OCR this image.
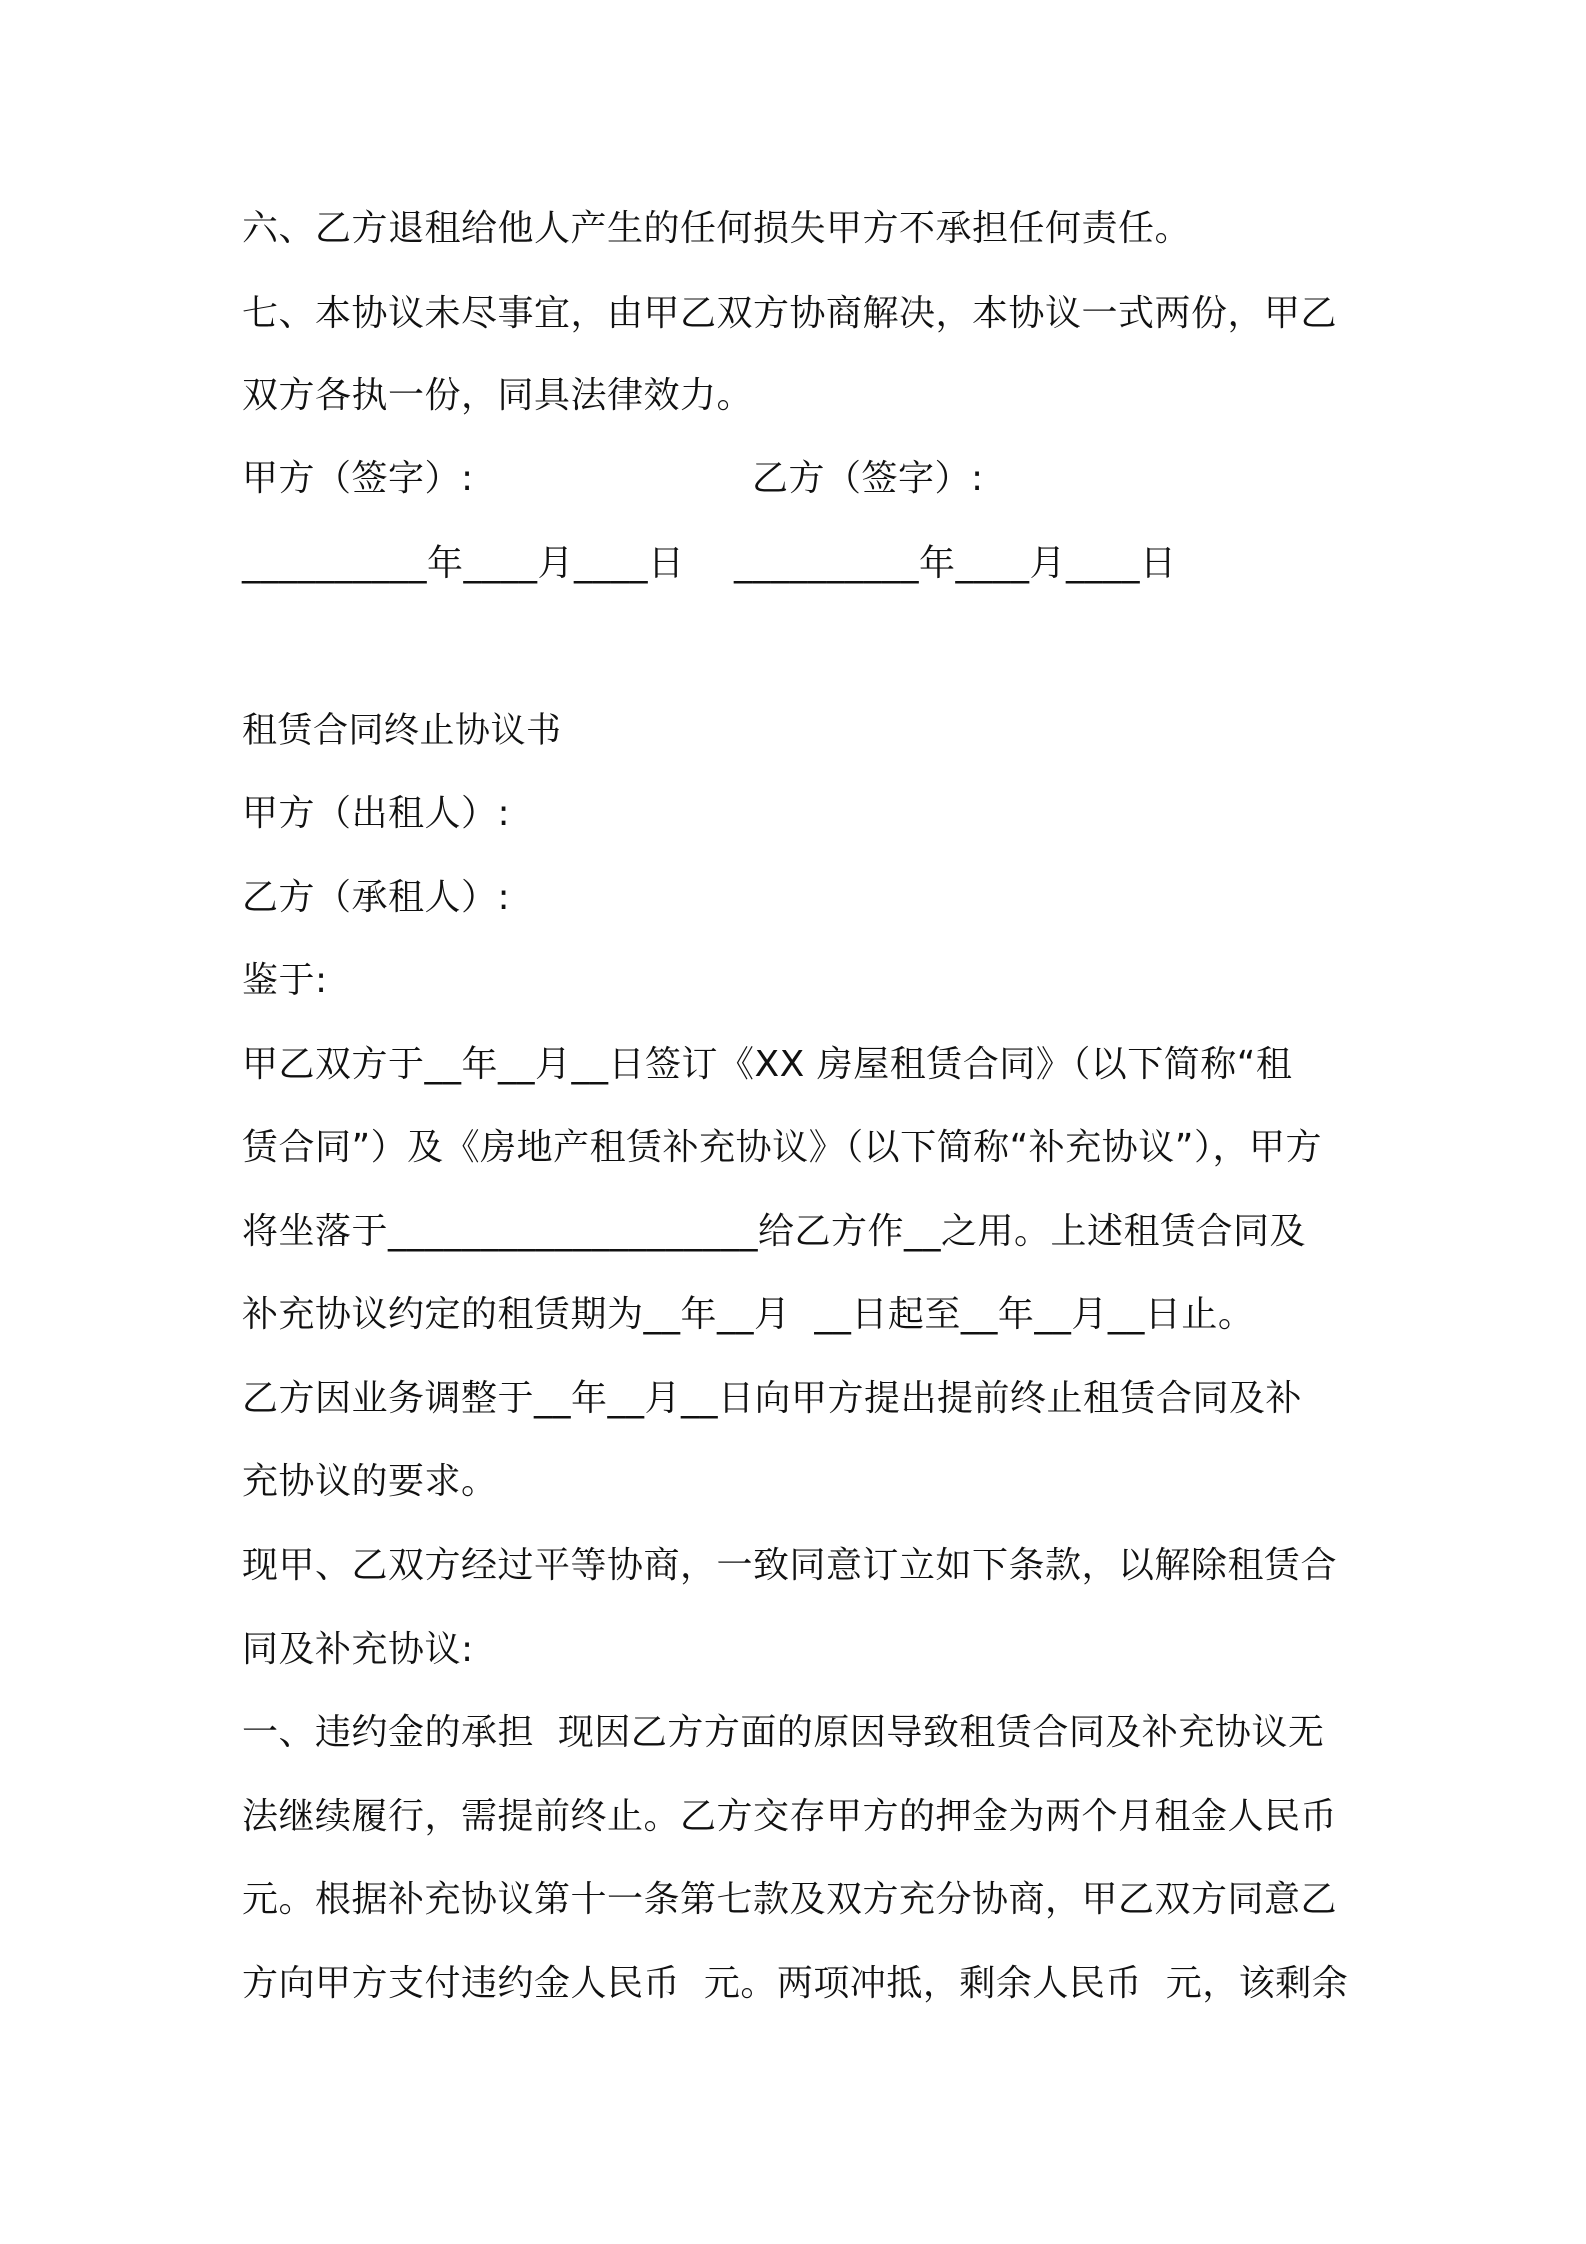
六、乙方退租给他人产生的任何损失甲方不承担任何责任。
七、本协议未尽事宜，由甲乙双方协商解决，本协议一式两份，甲乙
双方各执一份，同具法律效力。
甲方（签字）:	乙方（签字）:
__________年____月____日 __________年____月____日
租赁合同终止协议书
甲方（出租人）:
乙方（承租人）:
鉴于:
甲乙双方于__年__月__日签订《XX 房屋租赁合同》（以下简称“租
赁合同”）及《房地产租赁补充协议》（以下简称“补充协议”），甲方
将坐落于____________________给乙方作__之用。上述租赁合同及
补充协议约定的租赁期为__年__月  __日起至__年__月__日止。
乙方因业务调整于__年__月__日向甲方提出提前终止租赁合同及补
充协议的要求。
现甲、乙双方经过平等协商，一致同意订立如下条款，以解除租赁合
同及补充协议:
一、违约金的承担  现因乙方方面的原因导致租赁合同及补充协议无
法继续履行，需提前终止。乙方交存甲方的押金为两个月租金人民币
元。根据补充协议第十一条第七款及双方充分协商，甲乙双方同意乙
方向甲方支付违约金人民币  元。两项冲抵，剩余人民币  元，该剩余
